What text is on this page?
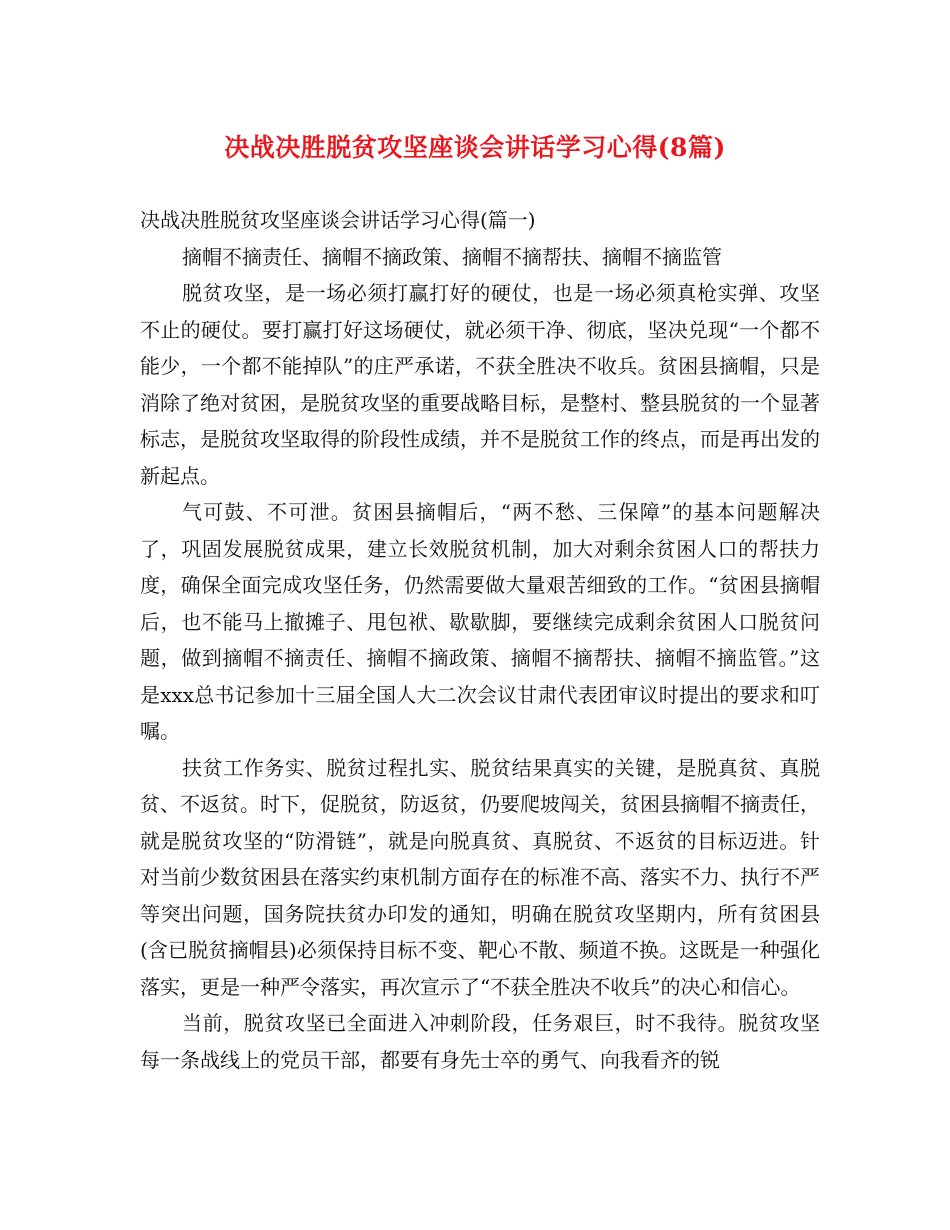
决战决胜脱贫攻坚座谈会讲话学习心得(8篇)

决战决胜脱贫攻坚座谈会讲话学习心得(篇一)

摘帽不摘责任、摘帽不摘政策、摘帽不摘帮扶、摘帽不摘监管

脱贫攻坚，是一场必须打赢打好的硬仗，也是一场必须真枪实弹、攻坚不止的硬仗。要打赢打好这场硬仗，就必须干净、彻底，坚决兑现“一个都不能少，一个都不能掉队”的庄严承诺，不获全胜决不收兵。贫困县摘帽，只是消除了绝对贫困，是脱贫攻坚的重要战略目标，是整村、整县脱贫的一个显著标志，是脱贫攻坚取得的阶段性成绩，并不是脱贫工作的终点，而是再出发的新起点。

气可鼓、不可泄。贫困县摘帽后，“两不愁、三保障”的基本问题解决了，巩固发展脱贫成果，建立长效脱贫机制，加大对剩余贫困人口的帮扶力度，确保全面完成攻坚任务，仍然需要做大量艰苦细致的工作。“贫困县摘帽后，也不能马上撤摊子、甩包袱、歇歇脚，要继续完成剩余贫困人口脱贫问题，做到摘帽不摘责任、摘帽不摘政策、摘帽不摘帮扶、摘帽不摘监管。”这是xxx总书记参加十三届全国人大二次会议甘肃代表团审议时提出的要求和叮嘱。

扶贫工作务实、脱贫过程扎实、脱贫结果真实的关键，是脱真贫、真脱贫、不返贫。时下，促脱贫，防返贫，仍要爬坡闯关，贫困县摘帽不摘责任，就是脱贫攻坚的“防滑链”，就是向脱真贫、真脱贫、不返贫的目标迈进。针对当前少数贫困县在落实约束机制方面存在的标准不高、落实不力、执行不严等突出问题，国务院扶贫办印发的通知，明确在脱贫攻坚期内，所有贫困县(含已脱贫摘帽县)必须保持目标不变、靶心不散、频道不换。这既是一种强化落实，更是一种严令落实，再次宣示了“不获全胜决不收兵”的决心和信心。

当前，脱贫攻坚已全面进入冲刺阶段，任务艰巨，时不我待。脱贫攻坚每一条战线上的党员干部，都要有身先士卒的勇气、向我看齐的锐
